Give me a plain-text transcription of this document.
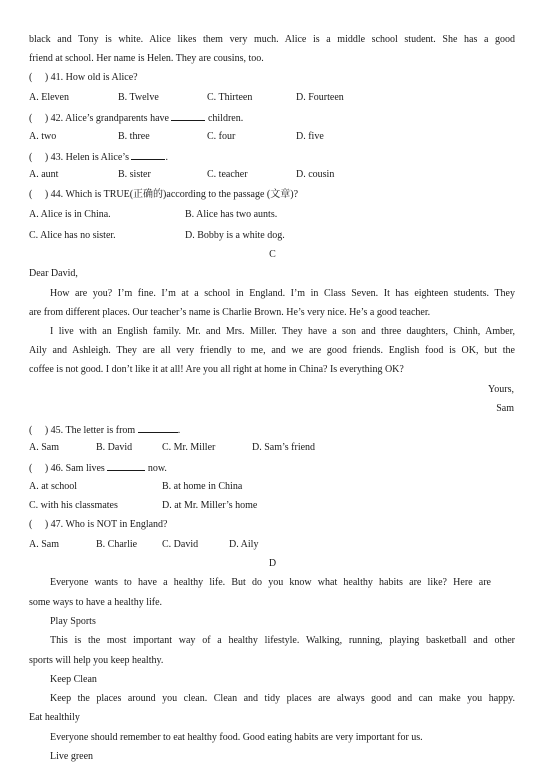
black and Tony is white. Alice likes them very much. Alice is a middle school student. She has a good
friend at school. Her name is Helen. They are cousins, too.
(　 ) 41. How old is Alice?
A. Eleven	B. Twelve	C. Thirteen	D. Fourteen
(　 ) 42. Alice’s grandparents have	children.
A. two	B. three	C. four	D. five
(　 ) 43. Helen is Alice’s	.
A. aunt	B. sister	C. teacher	D. cousin
(　 ) 44. Which is TRUE(正确的)according to the passage (文章)?
A. Alice is in China.	B. Alice has two aunts.
C. Alice has no sister.	D. Bobby is a white dog.
C
Dear David,
How are you? I’m fine. I’m at a school in England. I’m in Class Seven. It has eighteen students. They
are from different places. Our teacher’s name is Charlie Brown. He’s very nice. He’s a good teacher.
I live with an English family. Mr. and Mrs. Miller. They have a son and three daughters, Chinh, Amber,
Aily and Ashleigh. They are all very friendly to me, and we are good friends. English food is OK, but the
coffee is not good. I don’t like it at all! Are you all right at home in China? Is everything OK?
Yours,
Sam
(　 ) 45. The letter is from	.
A. Sam	B. David	C. Mr. Miller	D. Sam’s friend
(　 ) 46. Sam lives	now.
A. at school	B. at home in China
C. with his classmates	D. at Mr. Miller’s home
(　 ) 47. Who is NOT in England?
A. Sam	B. Charlie C. David	D. Aily
D
Everyone wants to have a healthy life. But do you know what healthy habits are like? Here are
some ways to have a healthy life.
Play Sports
This is the most important way of a healthy lifestyle. Walking, running, playing basketball and other
sports will help you keep healthy.
Keep Clean
Keep the places around you clean. Clean and tidy places are always good and can make you happy.
Eat healthily
Everyone should remember to eat healthy food. Good eating habits are very important for us.
Live green
